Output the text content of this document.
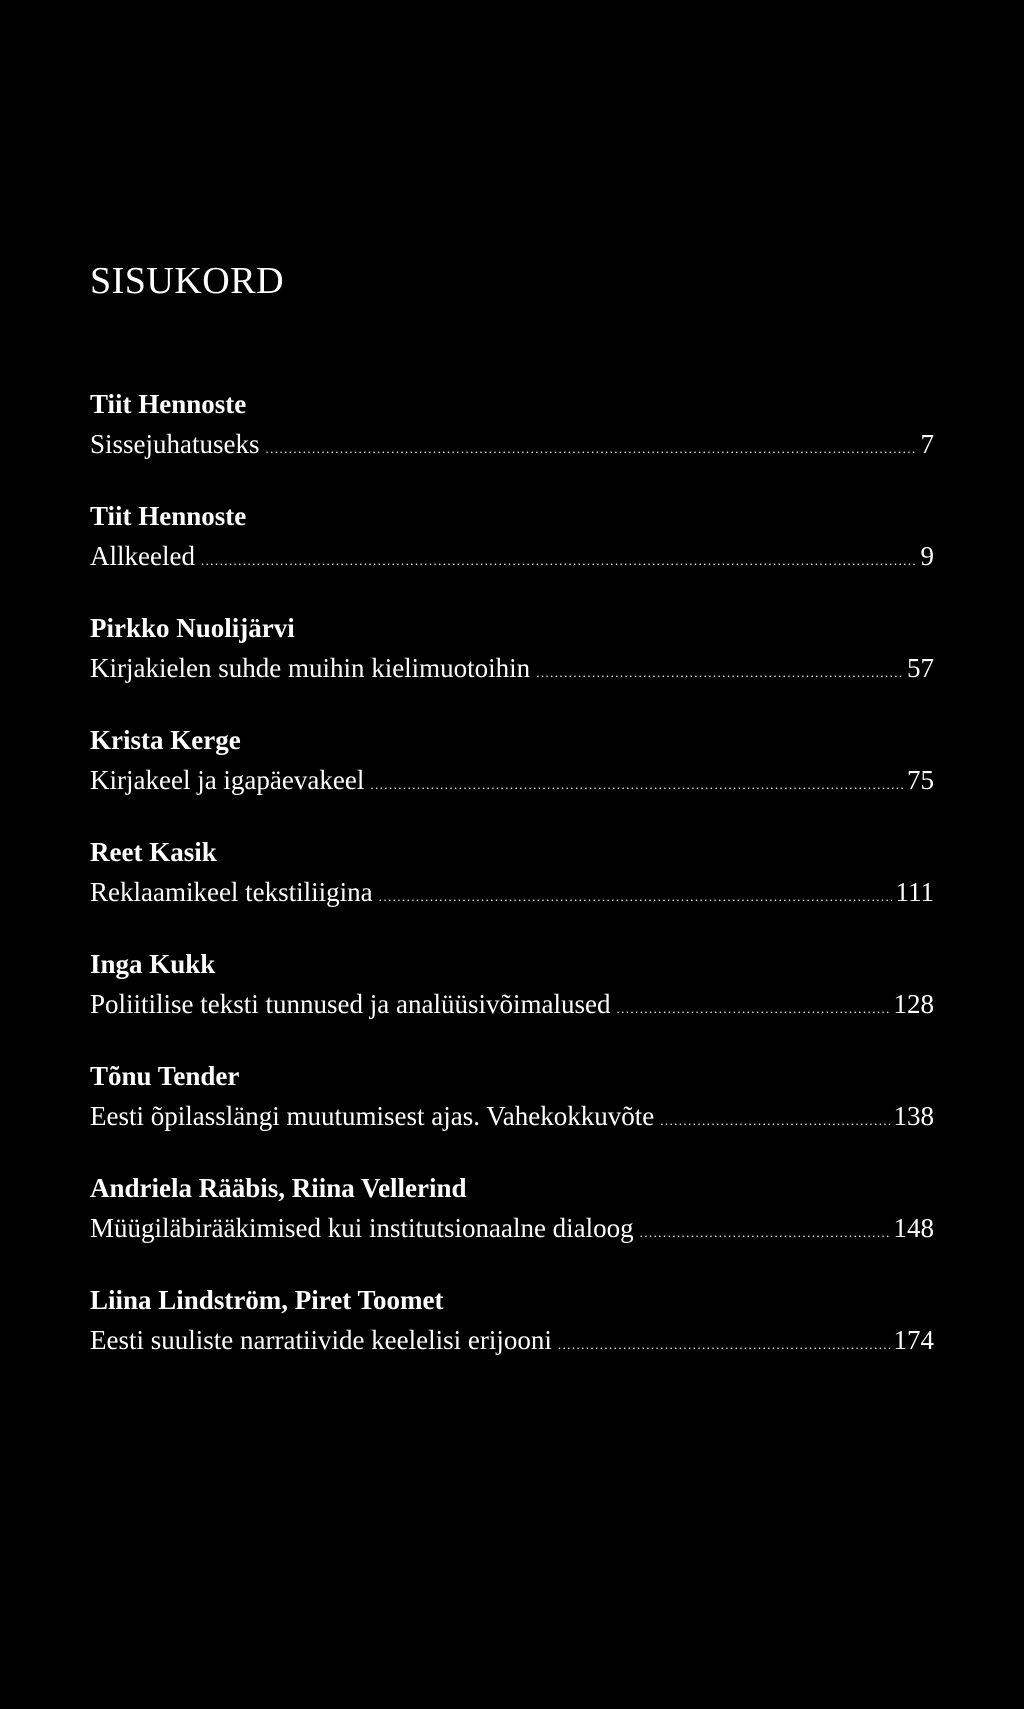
SISUKORD
Tiit Hennoste
Sissejuhatuseks .....	7
Tiit Hennoste
Allkeeled .....	9
Pirkko Nuolijärvi
Kirjakielen suhde muihin kielimuotoihin .....	57
Krista Kerge
Kirjakeel ja igapäevakeel .....	75
Reet Kasik
Reklaamikeel tekstiliigina .....	111
Inga Kukk
Poliitilise teksti tunnused ja analüüsivõimalused .....	128
Tõnu Tender
Eesti õpilasslängi muutumisest ajas. Vahekokkuvõte .....	138
Andriela Rääbis, Riina Vellerind
Müügiläbirääkimised kui institutsionaalne dialoog .....	148
Liina Lindström, Piret Toomet
Eesti suuliste narratiivide keelelisi erijooni .....	174
